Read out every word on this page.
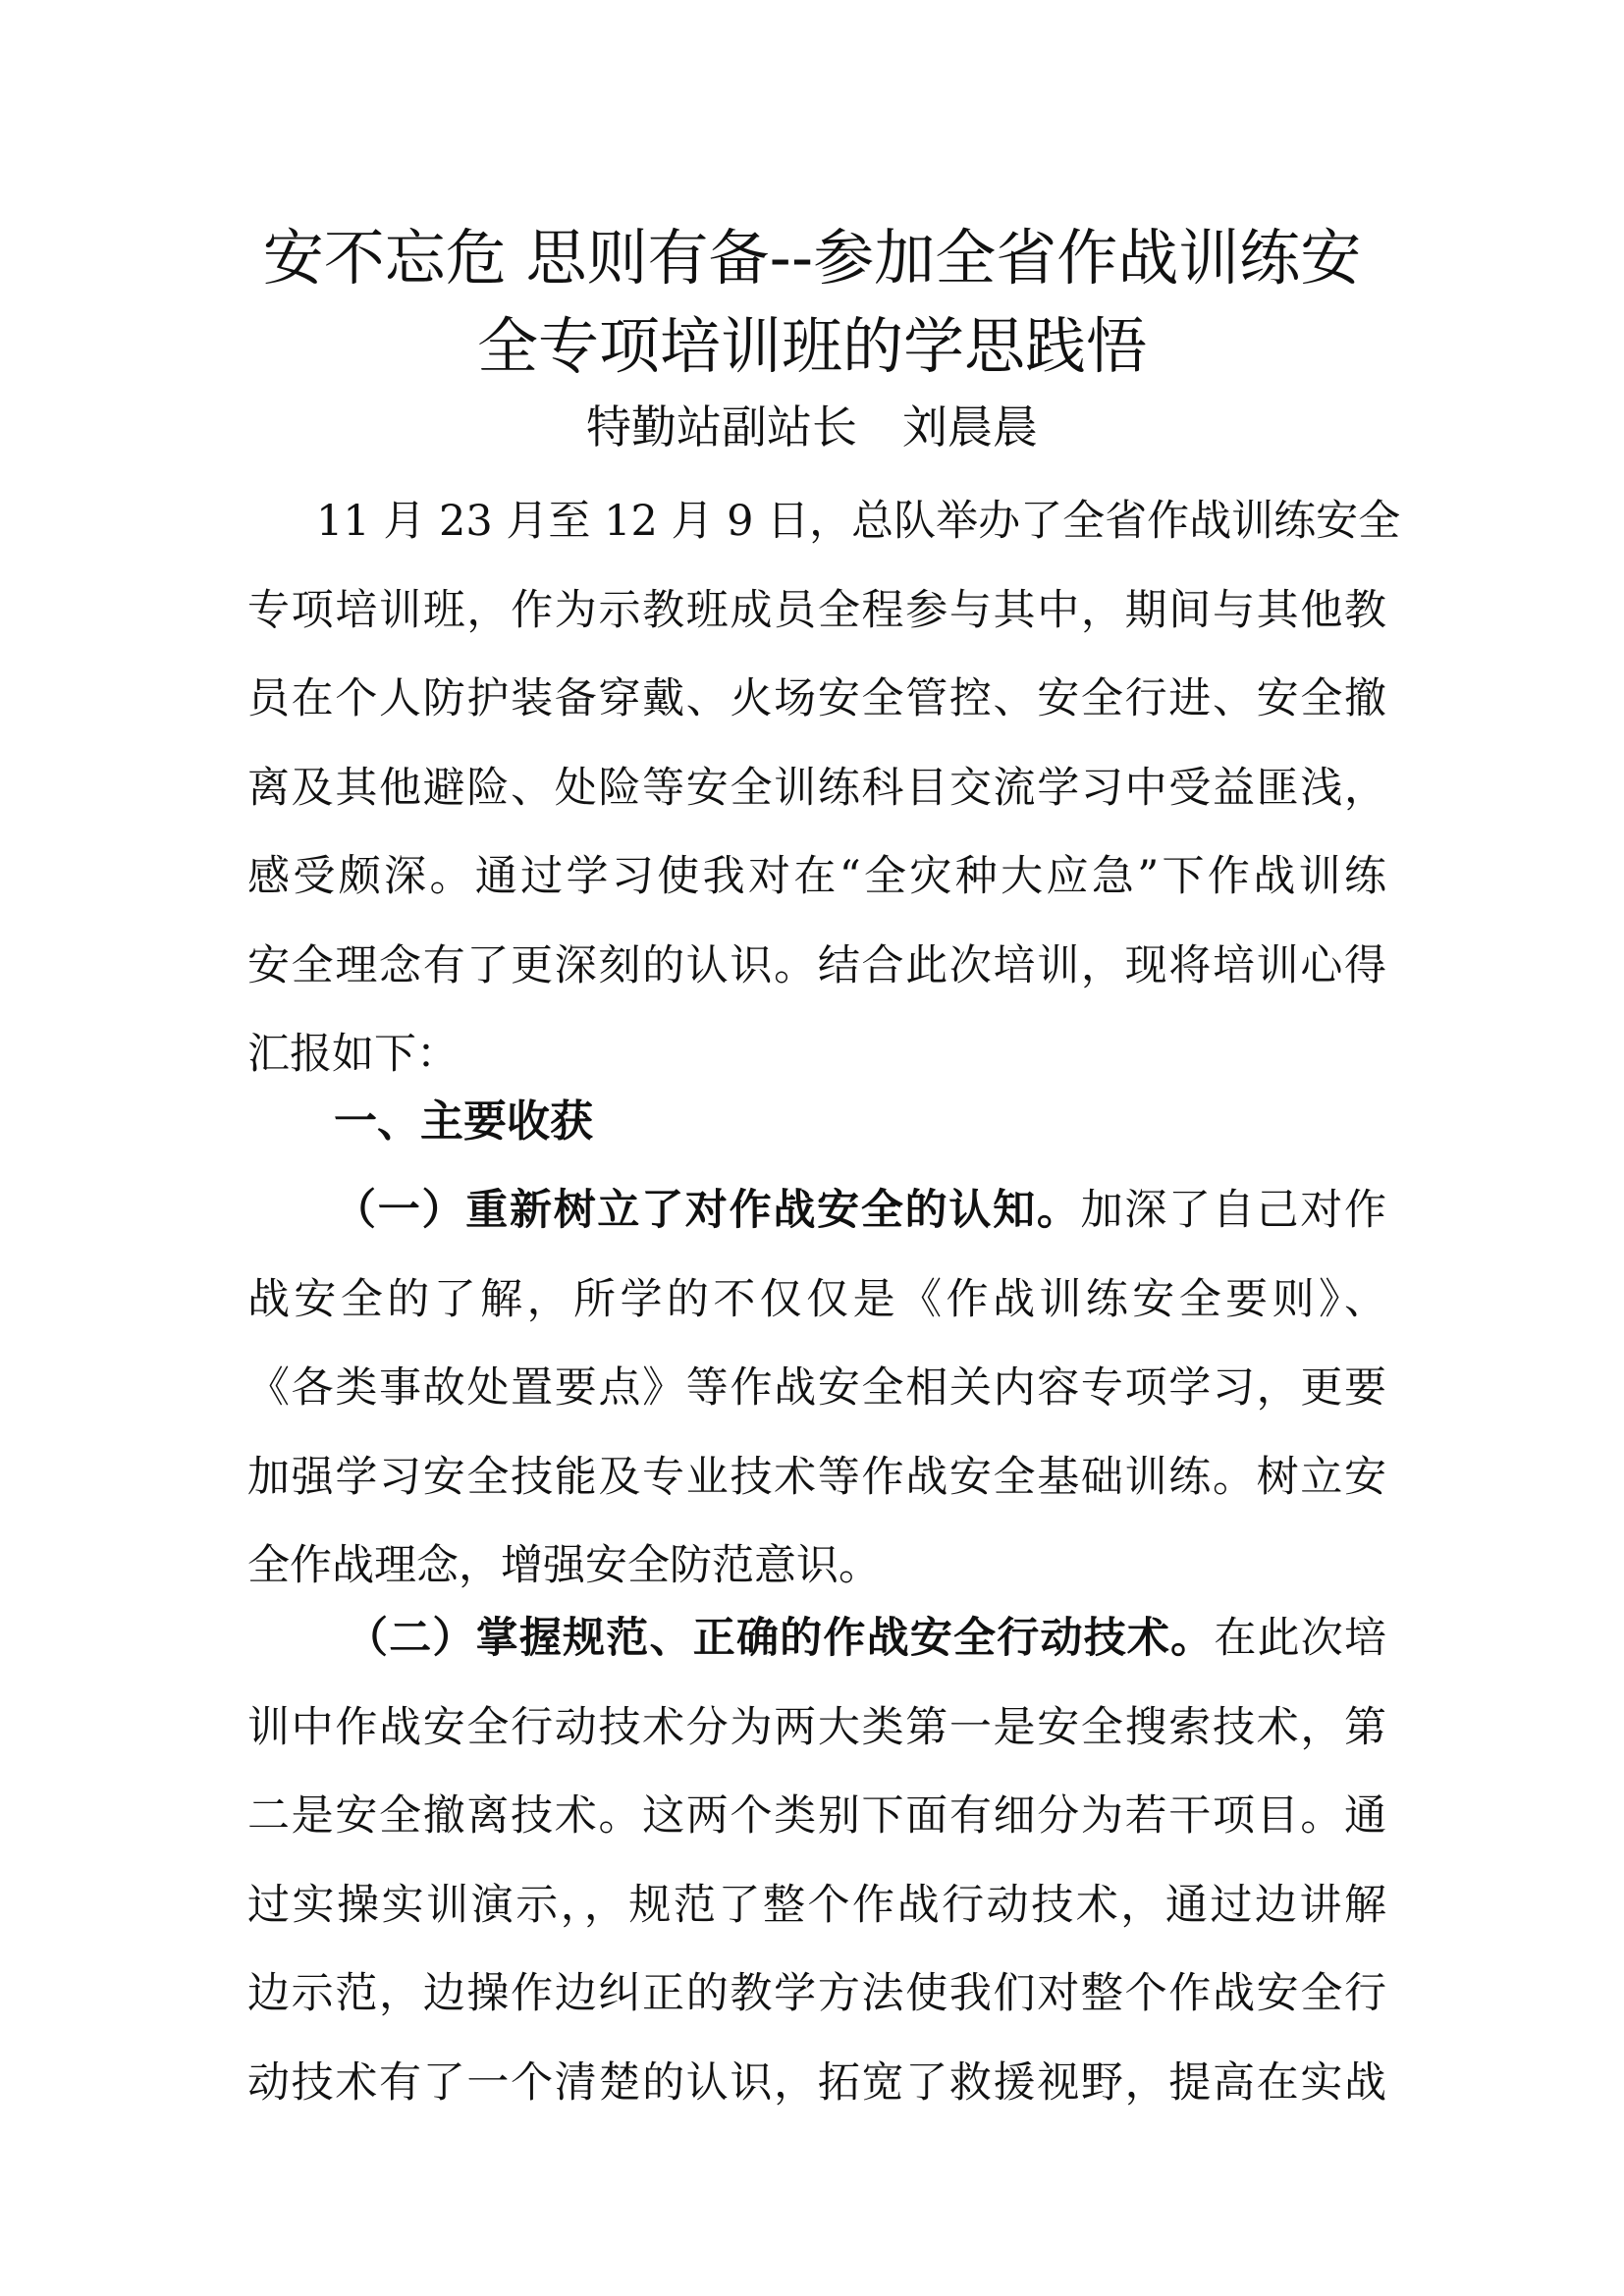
安不忘危 思则有备--参加全省作战训练安
全专项培训班的学思践悟
特勤站副站长　刘晨晨
11 月 23 月至 12 月 9 日，总队举办了全省作战训练安全
专项培训班，作为示教班成员全程参与其中，期间与其他教
员在个人防护装备穿戴、火场安全管控、安全行进、安全撤
离及其他避险、处险等安全训练科目交流学习中受益匪浅，
感受颇深。通过学习使我对在“全灾种大应急”下作战训练
安全理念有了更深刻的认识。结合此次培训，现将培训心得
汇报如下：
一、主要收获
（一）重新树立了对作战安全的认知。加深了自己对作
战安全的了解，所学的不仅仅是《作战训练安全要则》、
《各类事故处置要点》等作战安全相关内容专项学习，更要
加强学习安全技能及专业技术等作战安全基础训练。树立安
全作战理念，增强安全防范意识。
（二）掌握规范、正确的作战安全行动技术。在此次培
训中作战安全行动技术分为两大类第一是安全搜索技术，第
二是安全撤离技术。这两个类别下面有细分为若干项目。通
过实操实训演示，，规范了整个作战行动技术，通过边讲解
边示范，边操作边纠正的教学方法使我们对整个作战安全行
动技术有了一个清楚的认识，拓宽了救援视野，提高在实战
